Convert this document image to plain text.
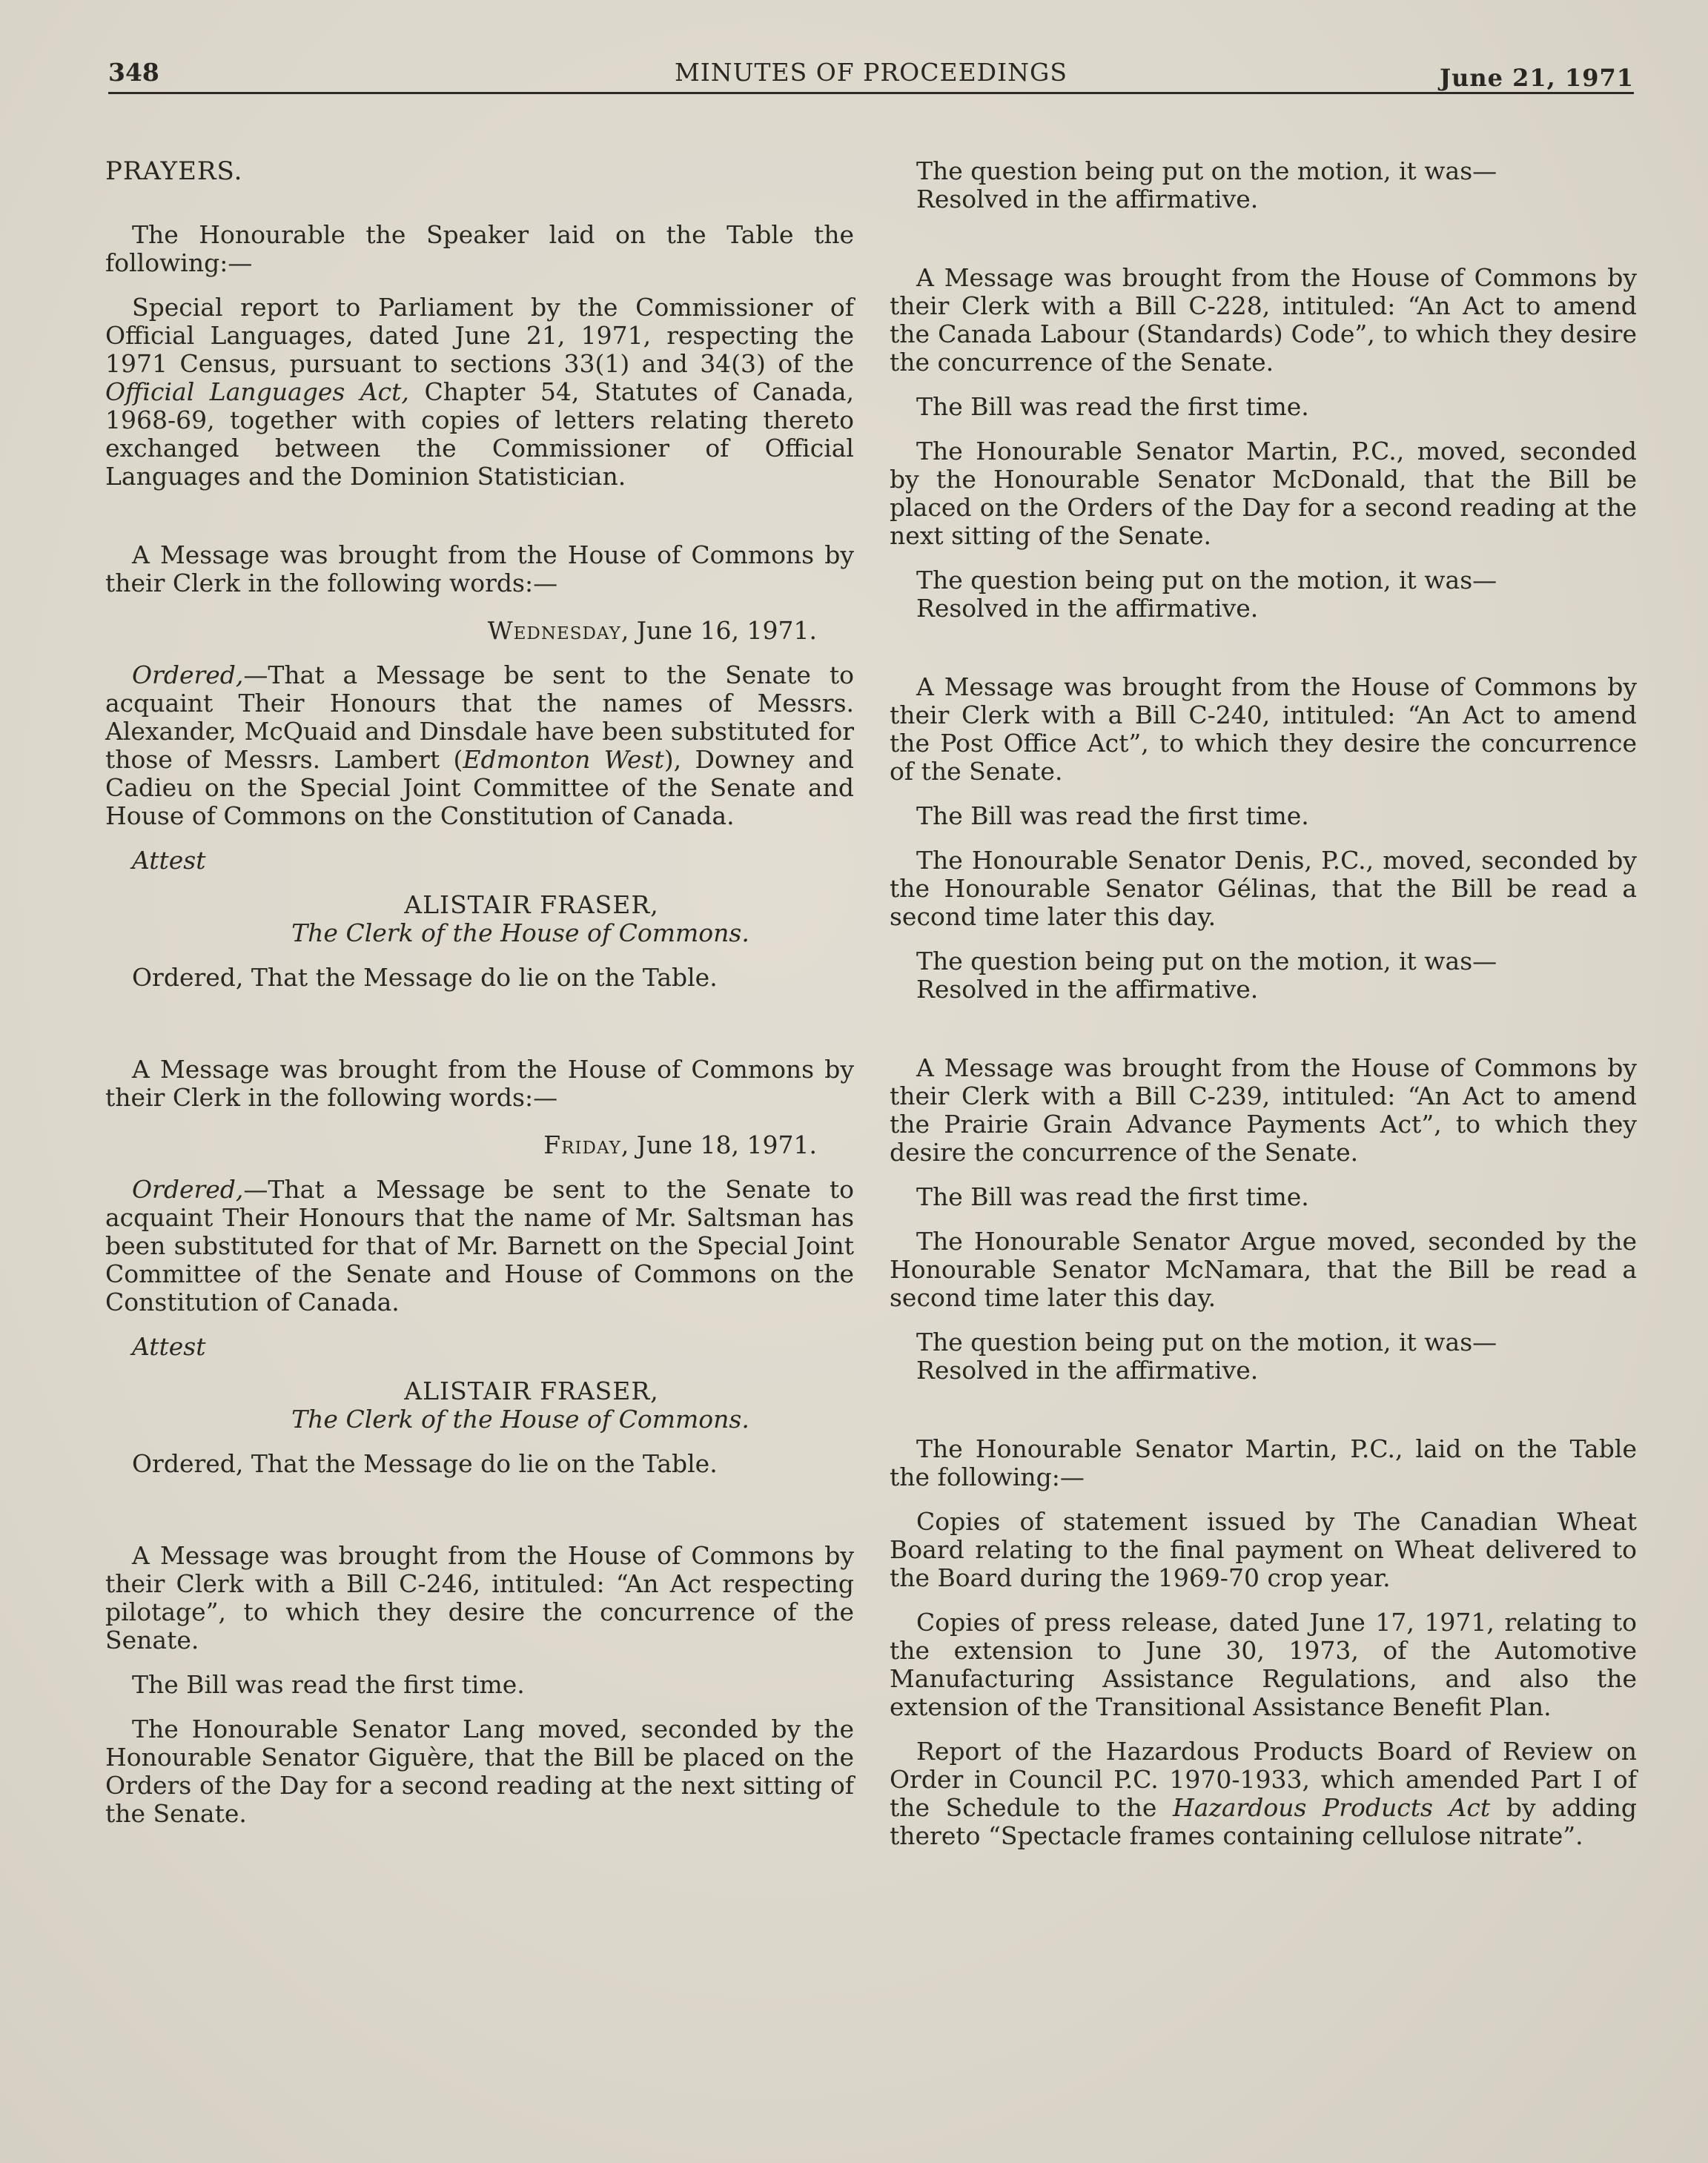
348	MINUTES OF PROCEEDINGS	June 21, 1971

PRAYERS.

The Honourable the Speaker laid on the Table the following:—

Special report to Parliament by the Commissioner of Official Languages, dated June 21, 1971, respecting the 1971 Census, pursuant to sections 33(1) and 34(3) of the Official Languages Act, Chapter 54, Statutes of Canada, 1968-69, together with copies of letters relating thereto exchanged between the Commissioner of Official Languages and the Dominion Statistician.

A Message was brought from the House of Commons by their Clerk in the following words:—

Wednesday, June 16, 1971.

Ordered,—That a Message be sent to the Senate to acquaint Their Honours that the names of Messrs. Alexander, McQuaid and Dinsdale have been substituted for those of Messrs. Lambert (Edmonton West), Downey and Cadieu on the Special Joint Committee of the Senate and House of Commons on the Constitution of Canada.

Attest

ALISTAIR FRASER,

The Clerk of the House of Commons.

Ordered, That the Message do lie on the Table.

A Message was brought from the House of Commons by their Clerk in the following words:—

Friday, June 18, 1971.

Ordered,—That a Message be sent to the Senate to acquaint Their Honours that the name of Mr. Saltsman has been substituted for that of Mr. Barnett on the Special Joint Committee of the Senate and House of Commons on the Constitution of Canada.

Attest

ALISTAIR FRASER,

The Clerk of the House of Commons.

Ordered, That the Message do lie on the Table.

A Message was brought from the House of Commons by their Clerk with a Bill C-246, intituled: “An Act respecting pilotage”, to which they desire the concurrence of the Senate.

The Bill was read the first time.

The Honourable Senator Lang moved, seconded by the Honourable Senator Giguère, that the Bill be placed on the Orders of the Day for a second reading at the next sitting of the Senate.

The question being put on the motion, it was—

Resolved in the affirmative.

A Message was brought from the House of Commons by their Clerk with a Bill C-228, intituled: “An Act to amend the Canada Labour (Standards) Code”, to which they desire the concurrence of the Senate.

The Bill was read the first time.

The Honourable Senator Martin, P.C., moved, seconded by the Honourable Senator McDonald, that the Bill be placed on the Orders of the Day for a second reading at the next sitting of the Senate.

The question being put on the motion, it was—

Resolved in the affirmative.

A Message was brought from the House of Commons by their Clerk with a Bill C-240, intituled: “An Act to amend the Post Office Act”, to which they desire the concurrence of the Senate.

The Bill was read the first time.

The Honourable Senator Denis, P.C., moved, seconded by the Honourable Senator Gélinas, that the Bill be read a second time later this day.

The question being put on the motion, it was—

Resolved in the affirmative.

A Message was brought from the House of Commons by their Clerk with a Bill C-239, intituled: “An Act to amend the Prairie Grain Advance Payments Act”, to which they desire the concurrence of the Senate.

The Bill was read the first time.

The Honourable Senator Argue moved, seconded by the Honourable Senator McNamara, that the Bill be read a second time later this day.

The question being put on the motion, it was—

Resolved in the affirmative.

The Honourable Senator Martin, P.C., laid on the Table the following:—

Copies of statement issued by The Canadian Wheat Board relating to the final payment on Wheat delivered to the Board during the 1969-70 crop year.

Copies of press release, dated June 17, 1971, relating to the extension to June 30, 1973, of the Automotive Manufacturing Assistance Regulations, and also the extension of the Transitional Assistance Benefit Plan.

Report of the Hazardous Products Board of Review on Order in Council P.C. 1970-1933, which amended Part I of the Schedule to the Hazardous Products Act by adding thereto “Spectacle frames containing cellulose nitrate”.
